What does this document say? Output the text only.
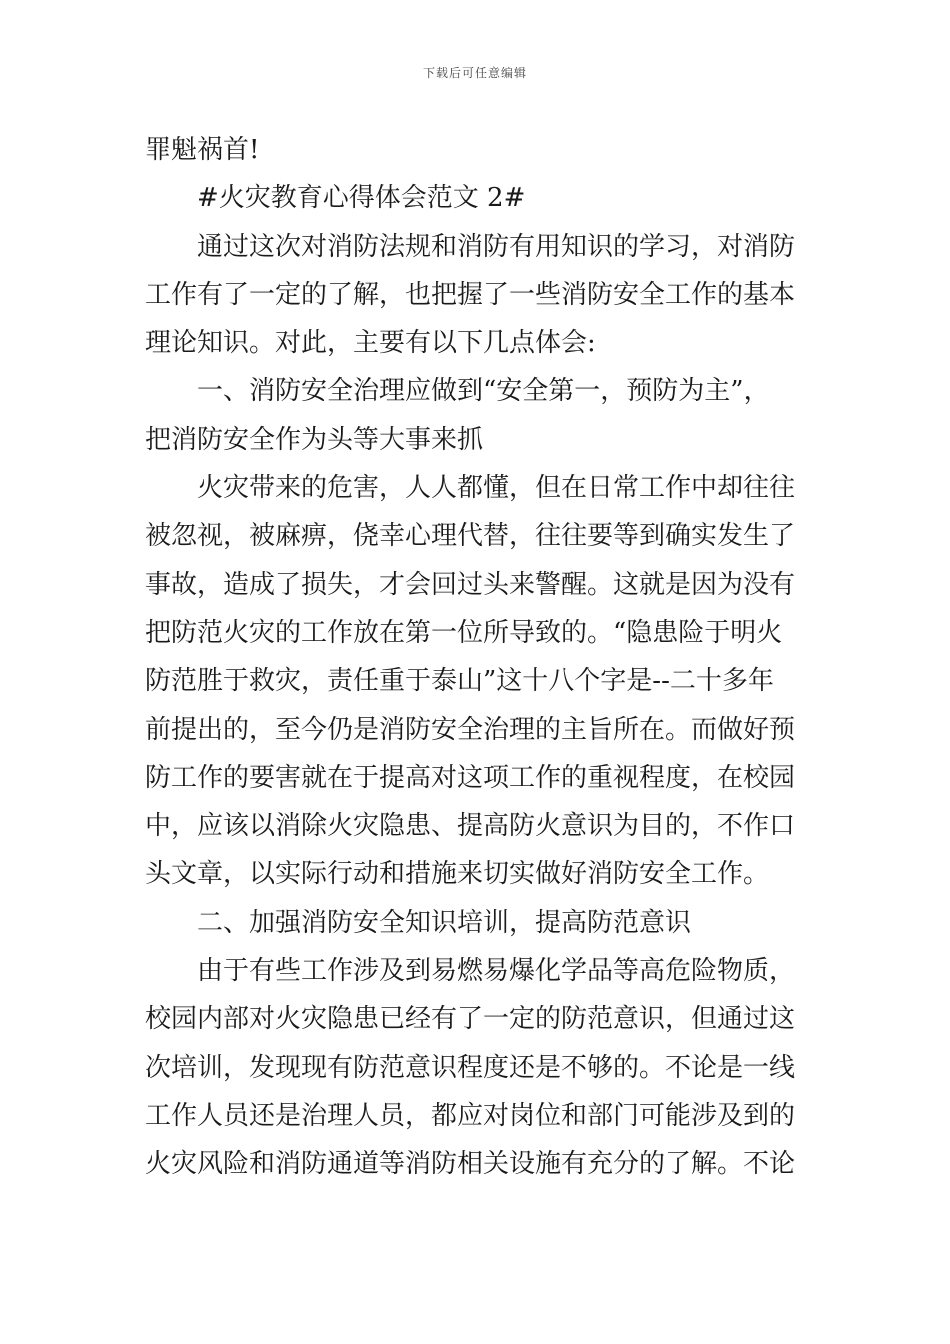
下载后可任意编辑
罪魁祸首!
#火灾教育心得体会范文 2#
通过这次对消防法规和消防有用知识的学习，对消防
工作有了一定的了解，也把握了一些消防安全工作的基本
理论知识。对此，主要有以下几点体会:
一、消防安全治理应做到“安全第一，预防为主”，
把消防安全作为头等大事来抓
火灾带来的危害，人人都懂，但在日常工作中却往往
被忽视，被麻痹，侥幸心理代替，往往要等到确实发生了
事故，造成了损失，才会回过头来警醒。这就是因为没有
把防范火灾的工作放在第一位所导致的。“隐患险于明火
防范胜于救灾，责任重于泰山”这十八个字是--二十多年
前提出的，至今仍是消防安全治理的主旨所在。而做好预
防工作的要害就在于提高对这项工作的重视程度，在校园
中，应该以消除火灾隐患、提高防火意识为目的，不作口
头文章，以实际行动和措施来切实做好消防安全工作。
二、加强消防安全知识培训，提高防范意识
由于有些工作涉及到易燃易爆化学品等高危险物质，
校园内部对火灾隐患已经有了一定的防范意识，但通过这
次培训，发现现有防范意识程度还是不够的。不论是一线
工作人员还是治理人员，都应对岗位和部门可能涉及到的
火灾风险和消防通道等消防相关设施有充分的了解。不论
